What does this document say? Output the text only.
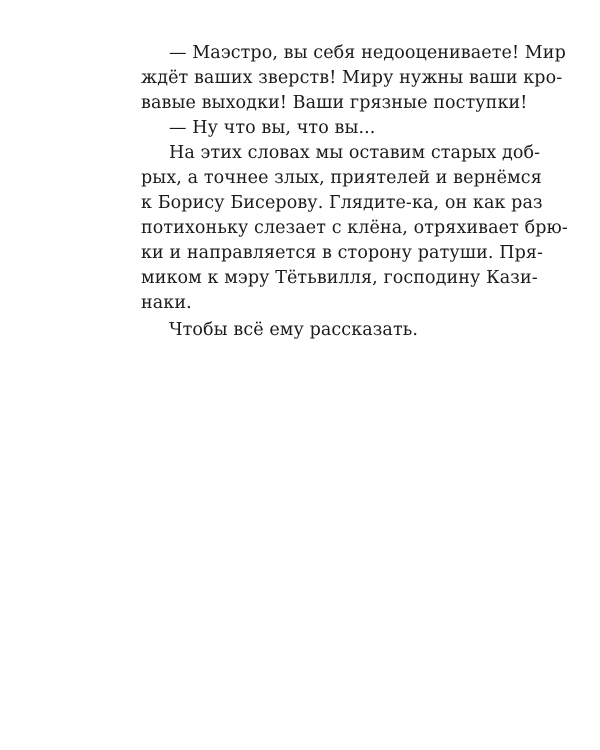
— Маэстро, вы себя недооцениваете! Мир
ждёт ваших зверств! Миру нужны ваши кро-
вавые выходки! Ваши грязные поступки!
— Ну что вы, что вы...
На этих словах мы оставим старых доб-
рых, а точнее злых, приятелей и вернёмся
к Борису Бисерову. Глядите-ка, он как раз
потихоньку слезает с клёна, отряхивает брю-
ки и направляется в сторону ратуши. Пря-
миком к мэру Тётьвилля, господину Кази-
наки.
Чтобы всё ему рассказать.
